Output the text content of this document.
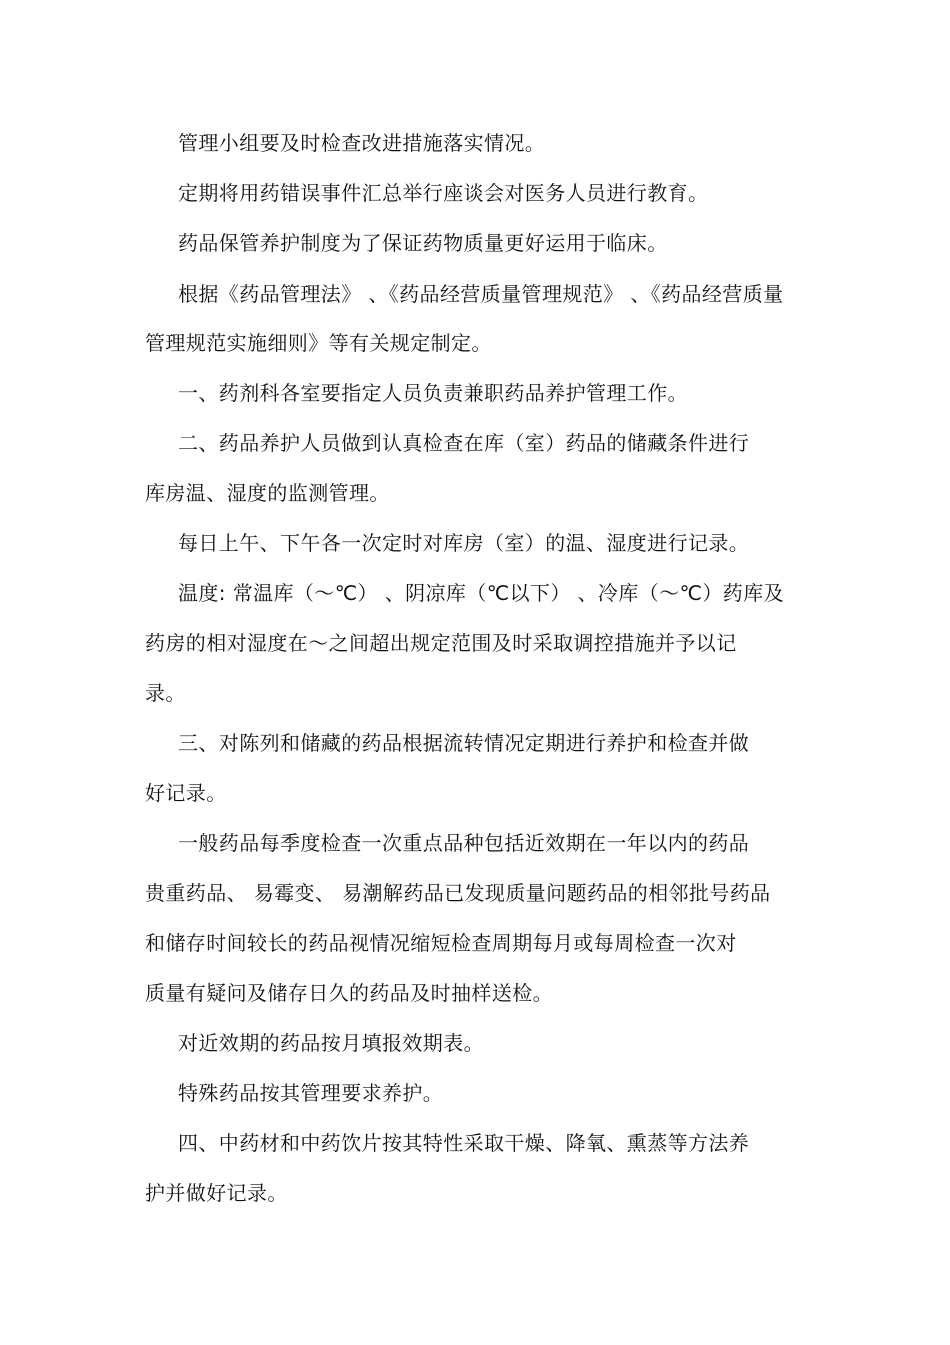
管理小组要及时检查改进措施落实情况。
定期将用药错误事件汇总举行座谈会对医务人员进行教育。
药品保管养护制度为了保证药物质量更好运用于临床。
根据《药品管理法》 、《药品经营质量管理规范》 、《药品经营质量
管理规范实施细则》等有关规定制定。
一、药剂科各室要指定人员负责兼职药品养护管理工作。
二、药品养护人员做到认真检查在库（室）药品的储藏条件进行
库房温、湿度的监测管理。
每日上午、下午各一次定时对库房（室）的温、湿度进行记录。
温度: 常温库（～℃） 、阴凉库（℃以下） 、冷库（～℃）药库及
药房的相对湿度在～之间超出规定范围及时采取调控措施并予以记
录。
三、对陈列和储藏的药品根据流转情况定期进行养护和检查并做
好记录。
一般药品每季度检查一次重点品种包括近效期在一年以内的药品
贵重药品、 易霉变、 易潮解药品已发现质量问题药品的相邻批号药品
和储存时间较长的药品视情况缩短检查周期每月或每周检查一次对
质量有疑问及储存日久的药品及时抽样送检。
对近效期的药品按月填报效期表。
特殊药品按其管理要求养护。
四、中药材和中药饮片按其特性采取干燥、降氧、熏蒸等方法养
护并做好记录。
